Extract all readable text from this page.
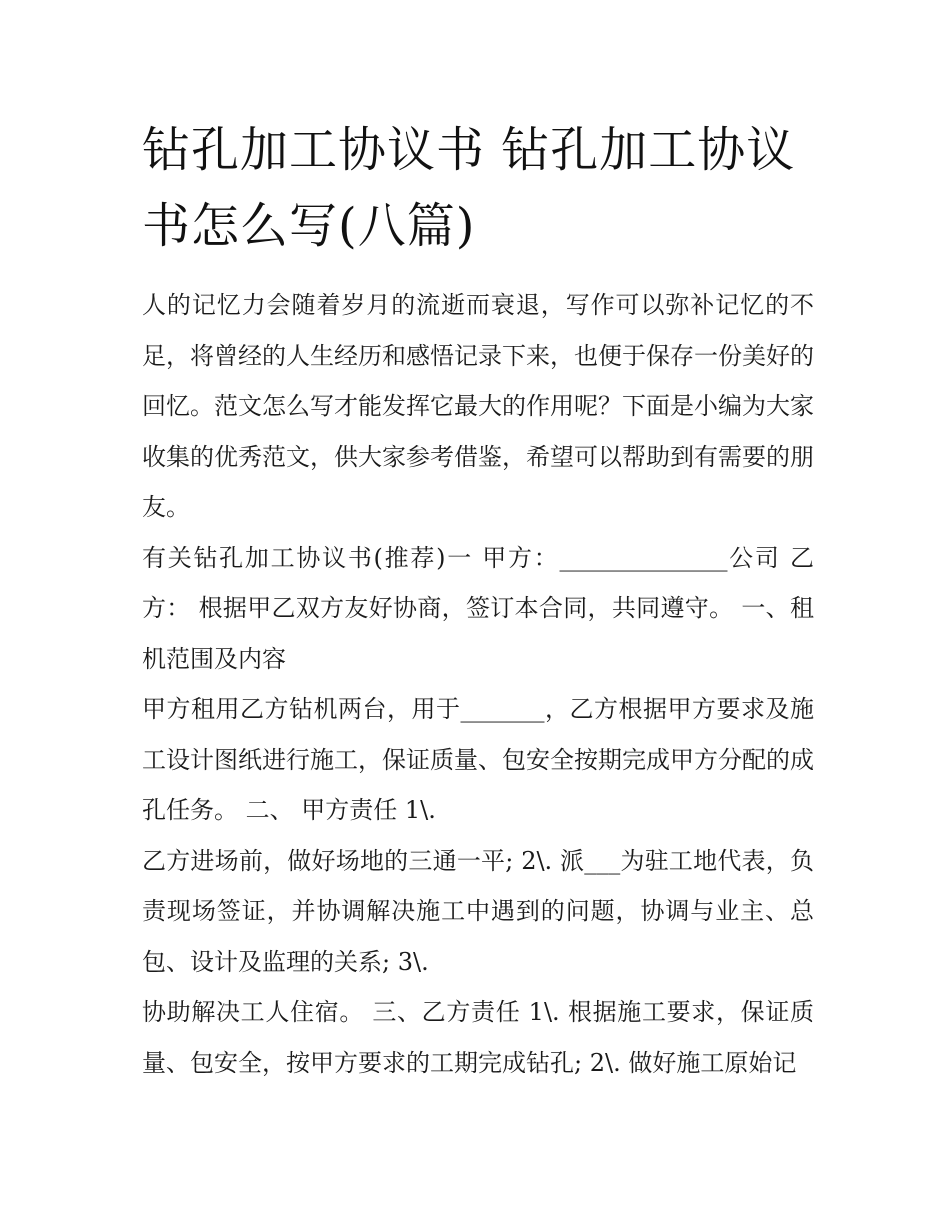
钻孔加工协议书 钻孔加工协议书怎么写(八篇)

人的记忆力会随着岁月的流逝而衰退，写作可以弥补记忆的不足，将曾经的人生经历和感悟记录下来，也便于保存一份美好的回忆。范文怎么写才能发挥它最大的作用呢？下面是小编为大家收集的优秀范文，供大家参考借鉴，希望可以帮助到有需要的朋友。

有关钻孔加工协议书(推荐)一 甲方：______________公司 乙方： 根据甲乙双方友好协商，签订本合同，共同遵守。 一、租机范围及内容

甲方租用乙方钻机两台，用于_______，乙方根据甲方要求及施工设计图纸进行施工，保证质量、包安全按期完成甲方分配的成孔任务。 二、 甲方责任 1\.

乙方进场前，做好场地的三通一平; 2\. 派___为驻工地代表，负责现场签证，并协调解决施工中遇到的问题，协调与业主、总包、设计及监理的关系; 3\.

协助解决工人住宿。 三、乙方责任 1\. 根据施工要求，保证质量、包安全，按甲方要求的工期完成钻孔; 2\. 做好施工原始记
